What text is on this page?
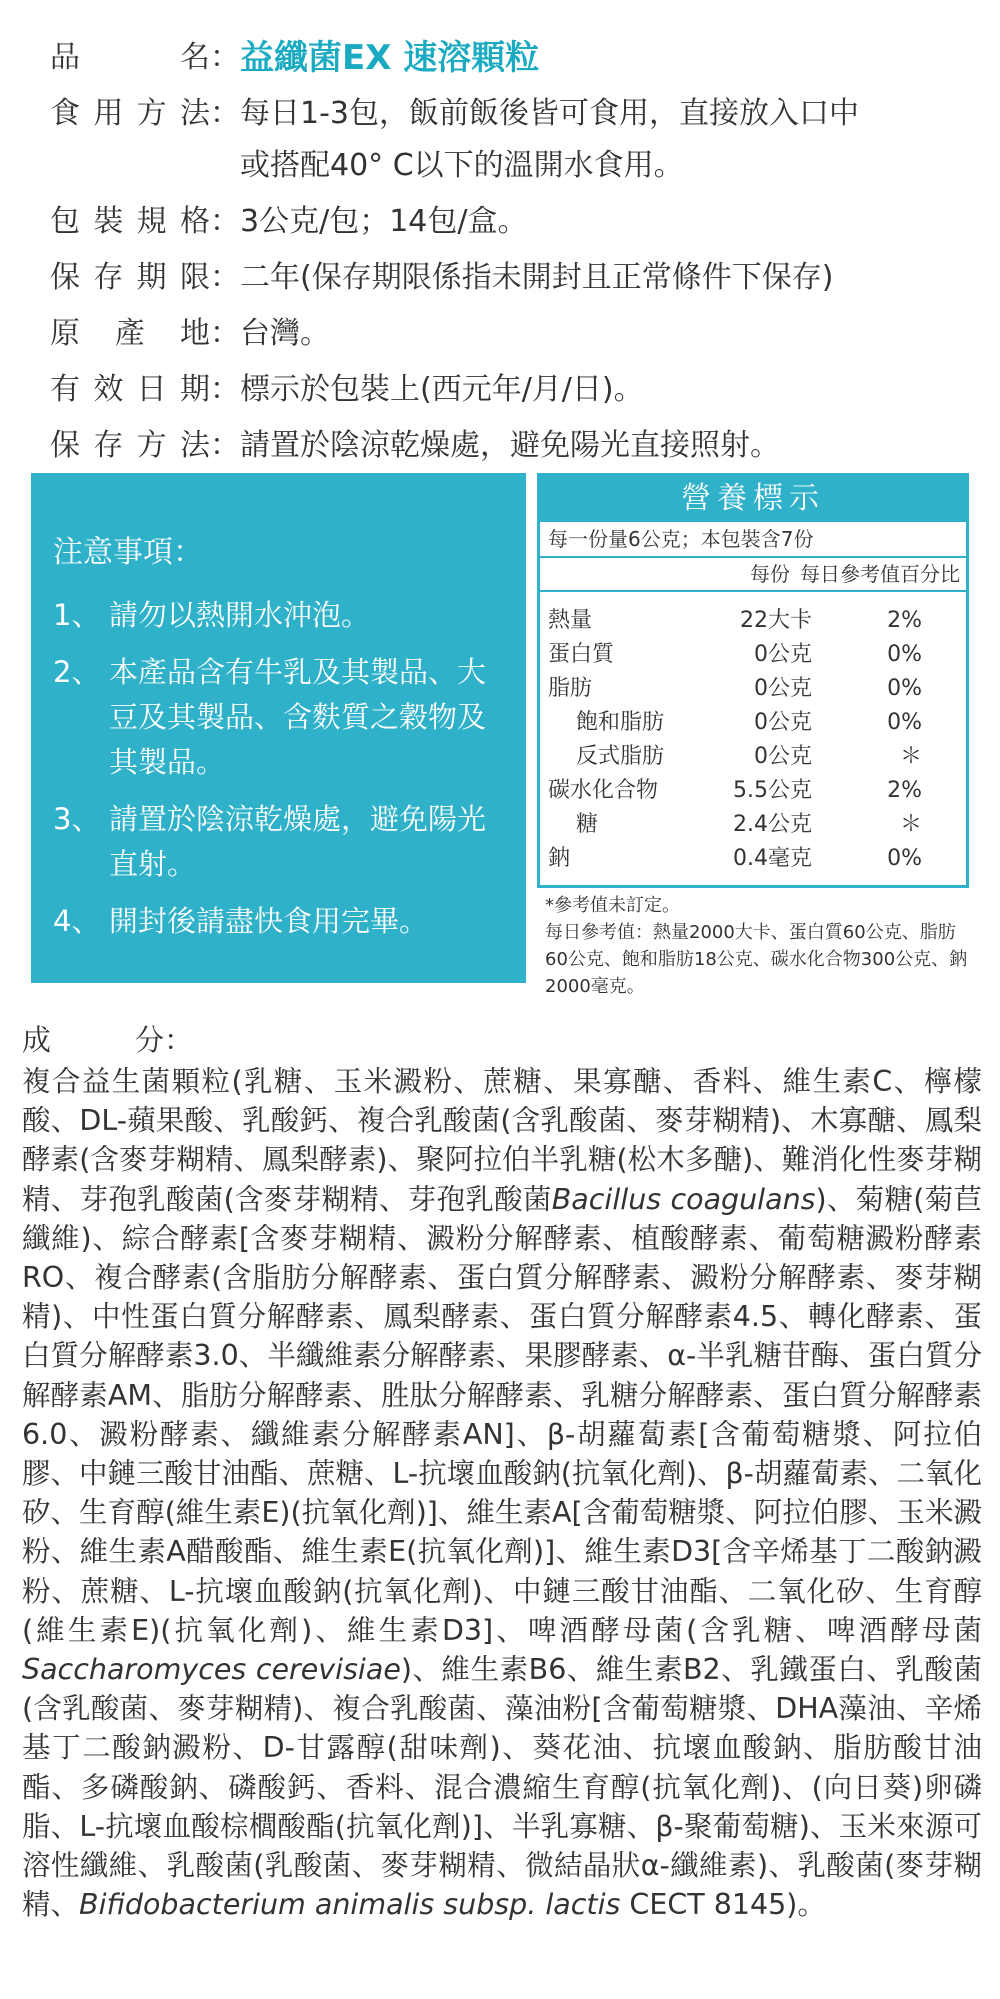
品名 ： 益纖菌EX 速溶顆粒
食用方法 ： 每日1-3包，飯前飯後皆可食用，直接放入口中
或搭配40° C以下的溫開水食用。
包裝規格 ： 3公克/包；14包/盒。
保存期限 ： 二年(保存期限係指未開封且正常條件下保存)
原產地 ： 台灣。
有效日期 ： 標示於包裝上(西元年/月/日)。
保存方法 ： 請置於陰涼乾燥處，避免陽光直接照射。
注意事項：
1、 請勿以熱開水沖泡。
2、 本產品含有牛乳及其製品、大豆及其製品、含麩質之穀物及其製品。
3、 請置於陰涼乾燥處，避免陽光直射。
4、 開封後請盡快食用完畢。
營養標示
每一份量6公克；本包裝含7份
每份 每日參考值百分比
熱量	22大卡	2%
蛋白質	0公克	0%
脂肪	0公克	0%
飽和脂肪	0公克	0%
反式脂肪	0公克	＊
碳水化合物	5.5公克	2%
糖	2.4公克	＊
鈉	0.4毫克	0%
*參考值未訂定。
每日參考值：熱量2000大卡、蛋白質60公克、脂肪60公克、飽和脂肪18公克、碳水化合物300公克、鈉2000毫克。
成	分：
複合益生菌顆粒(乳糖、玉米澱粉、蔗糖、果寡醣、香料、維生素C、檸檬酸、DL-蘋果酸、乳酸鈣、複合乳酸菌(含乳酸菌、麥芽糊精)、木寡醣、鳳梨酵素(含麥芽糊精、鳳梨酵素)、聚阿拉伯半乳糖(松木多醣)、難消化性麥芽糊精、芽孢乳酸菌(含麥芽糊精、芽孢乳酸菌Bacillus coagulans)、菊糖(菊苣纖維)、綜合酵素[含麥芽糊精、澱粉分解酵素、植酸酵素、葡萄糖澱粉酵素RO、複合酵素(含脂肪分解酵素、蛋白質分解酵素、澱粉分解酵素、麥芽糊精)、中性蛋白質分解酵素、鳳梨酵素、蛋白質分解酵素4.5、轉化酵素、蛋白質分解酵素3.0、半纖維素分解酵素、果膠酵素、α-半乳糖苷酶、蛋白質分解酵素AM、脂肪分解酵素、胜肽分解酵素、乳糖分解酵素、蛋白質分解酵素6.0、澱粉酵素、纖維素分解酵素AN]、β-胡蘿蔔素[含葡萄糖漿、阿拉伯膠、中鏈三酸甘油酯、蔗糖、L-抗壞血酸鈉(抗氧化劑)、β-胡蘿蔔素、二氧化矽、生育醇(維生素E)(抗氧化劑)]、維生素A[含葡萄糖漿、阿拉伯膠、玉米澱粉、維生素A醋酸酯、維生素E(抗氧化劑)]、維生素D3[含辛烯基丁二酸鈉澱粉、蔗糖、L-抗壞血酸鈉(抗氧化劑)、中鏈三酸甘油酯、二氧化矽、生育醇(維生素E)(抗氧化劑)、維生素D3]、啤酒酵母菌(含乳糖、啤酒酵母菌Saccharomyces cerevisiae)、維生素B6、維生素B2、乳鐵蛋白、乳酸菌(含乳酸菌、麥芽糊精)、複合乳酸菌、藻油粉[含葡萄糖漿、DHA藻油、辛烯基丁二酸鈉澱粉、D-甘露醇(甜味劑)、葵花油、抗壞血酸鈉、脂肪酸甘油酯、多磷酸鈉、磷酸鈣、香料、混合濃縮生育醇(抗氧化劑)、(向日葵)卵磷脂、L-抗壞血酸棕櫚酸酯(抗氧化劑)]、半乳寡糖、β-聚葡萄糖)、玉米來源可溶性纖維、乳酸菌(乳酸菌、麥芽糊精、微結晶狀α-纖維素)、乳酸菌(麥芽糊精、Bifidobacterium animalis subsp. lactis CECT 8145)。
